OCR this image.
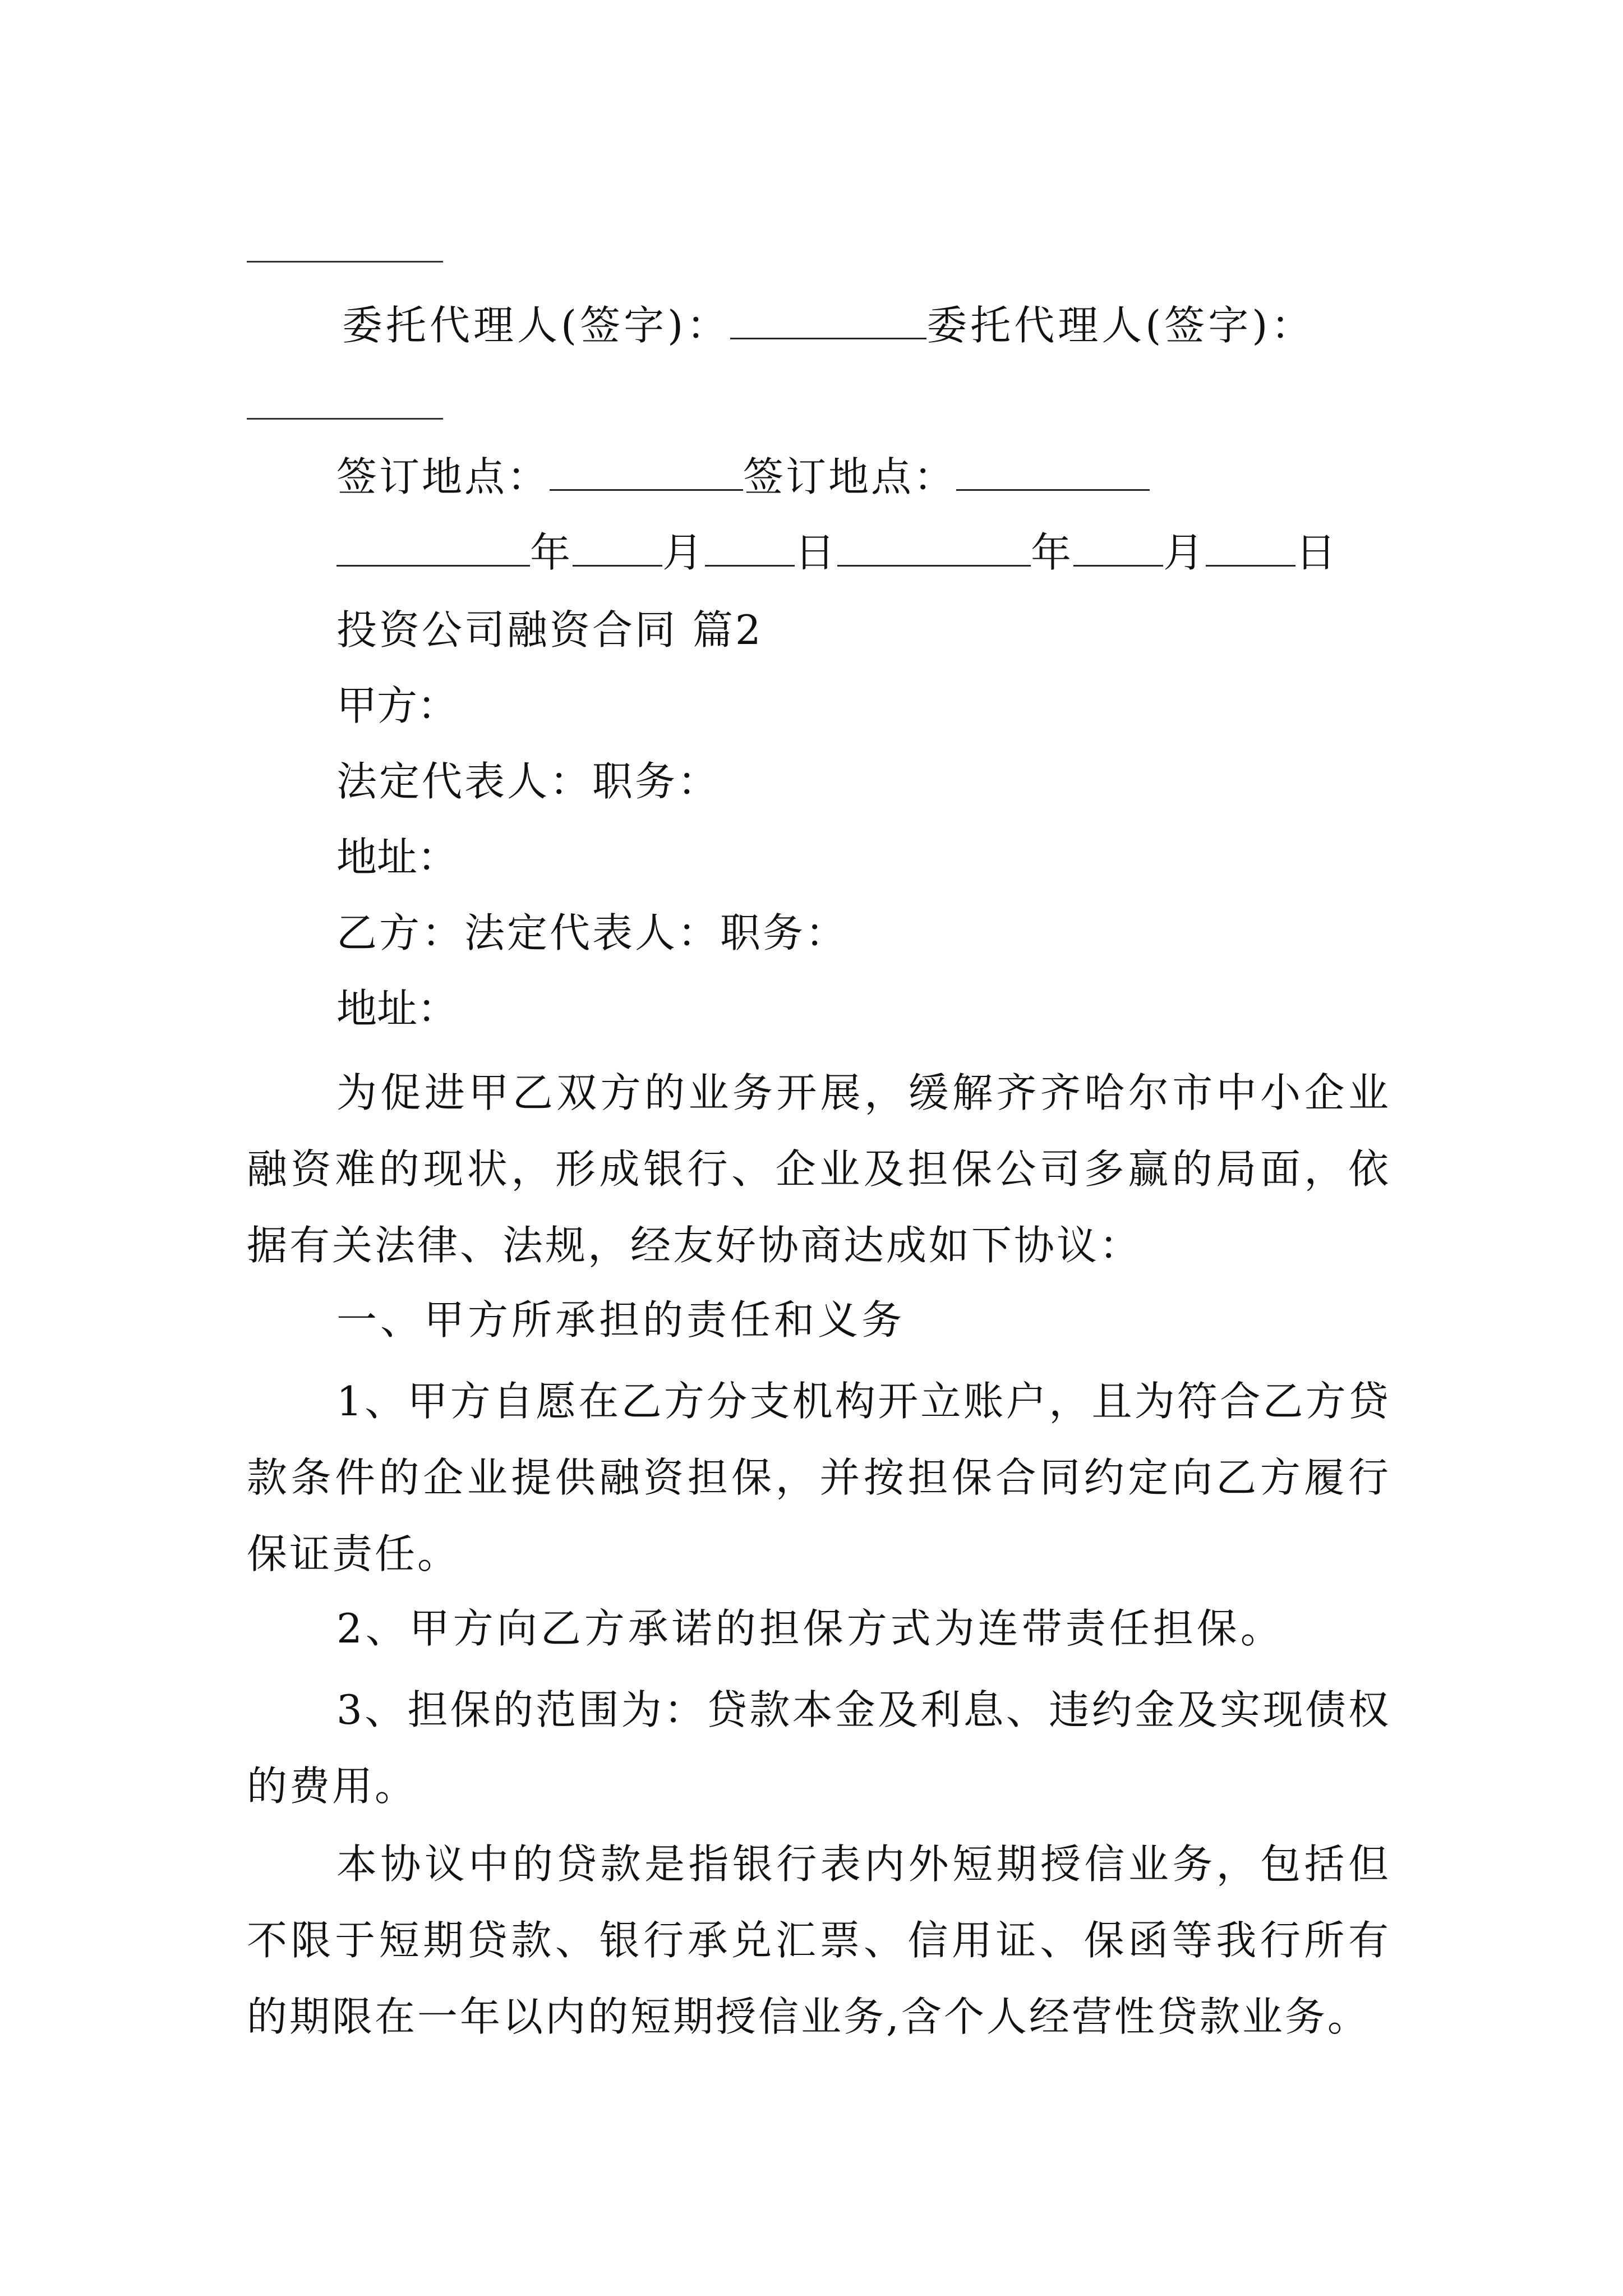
委托代理人(签字)：	委托代理人(签字)：
签订地点：	签订地点：
年 月 日	年 月 日
投资公司融资合同 篇2
甲方：
法定代表人：职务：
地址：
乙方：法定代表人：职务：
地址：
为促进甲乙双方的业务开展，缓解齐齐哈尔市中小企业融资难的现状，形成银行、企业及担保公司多赢的局面，依据有关法律、法规，经友好协商达成如下协议：
一、甲方所承担的责任和义务
1、甲方自愿在乙方分支机构开立账户，且为符合乙方贷款条件的企业提供融资担保，并按担保合同约定向乙方履行保证责任。
2、甲方向乙方承诺的担保方式为连带责任担保。
3、担保的范围为：贷款本金及利息、违约金及实现债权的费用。
本协议中的贷款是指银行表内外短期授信业务，包括但不限于短期贷款、银行承兑汇票、信用证、保函等我行所有的期限在一年以内的短期授信业务,含个人经营性贷款业务。
